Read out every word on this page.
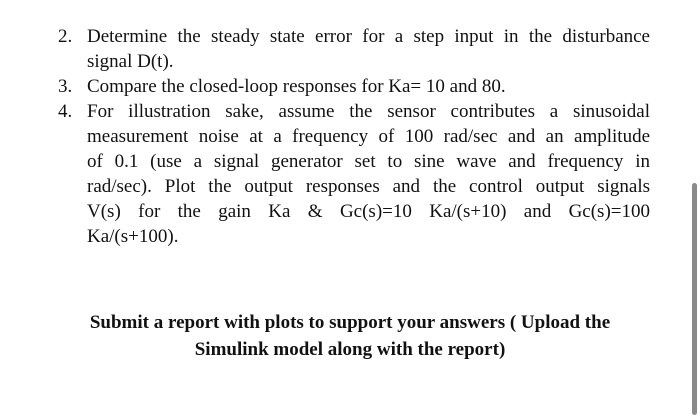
2. Determine the steady state error for a step input in the disturbance
signal D(t).
3. Compare the closed-loop responses for Ka= 10 and 80.
4. For illustration sake, assume the sensor contributes a sinusoidal
measurement noise at a frequency of 100 rad/sec and an amplitude
of 0.1 (use a signal generator set to sine wave and frequency in
rad/sec). Plot the output responses and the control output signals
V(s) for the gain Ka & Gc(s)=10 Ka/(s+10) and Gc(s)=100
Ka/(s+100).
Submit a report with plots to support your answers ( Upload the
Simulink model along with the report)
